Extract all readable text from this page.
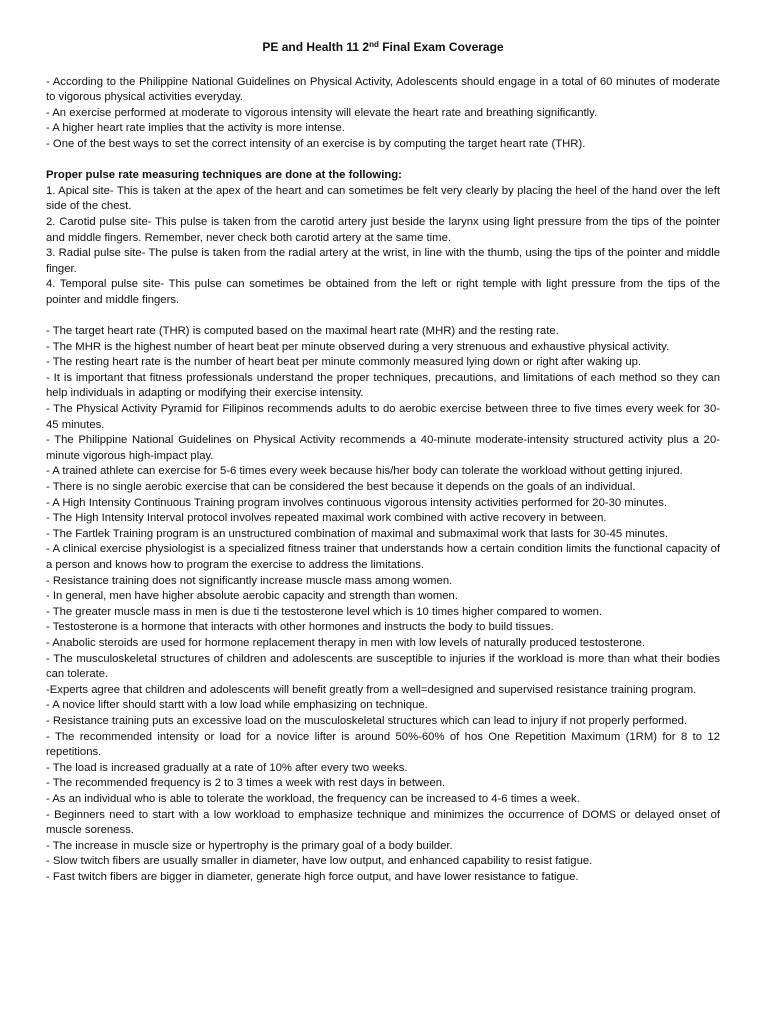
PE and Health 11 2nd Final Exam Coverage

- According to the Philippine National Guidelines on Physical Activity, Adolescents should engage in a total of 60 minutes of moderate to vigorous physical activities everyday.

- An exercise performed at moderate to vigorous intensity will elevate the heart rate and breathing significantly.

- A higher heart rate implies that the activity is more intense.

- One of the best ways to set the correct intensity of an exercise is by computing the target heart rate (THR).

Proper pulse rate measuring techniques are done at the following:

1. Apical site- This is taken at the apex of the heart and can sometimes be felt very clearly by placing the heel of the hand over the left side of the chest.

2. Carotid pulse site- This pulse is taken from the carotid artery just beside the larynx using light pressure from the tips of the pointer and middle fingers. Remember, never check both carotid artery at the same time.

3. Radial pulse site- The pulse is taken from the radial artery at the wrist, in line with the thumb, using the tips of the pointer and middle finger.

4. Temporal pulse site- This pulse can sometimes be obtained from the left or right temple with light pressure from the tips of the pointer and middle fingers.

- The target heart rate (THR) is computed based on the maximal heart rate (MHR) and the resting rate.

- The MHR is the highest number of heart beat per minute observed during a very strenuous and exhaustive physical activity.

- The resting heart rate is the number of heart beat per minute commonly measured lying down or right after waking up.

- It is important that fitness professionals understand the proper techniques, precautions, and limitations of each method so they can help individuals in adapting or modifying their exercise intensity.

- The Physical Activity Pyramid for Filipinos recommends adults to do aerobic exercise between three to five times every week for 30-45 minutes.

- The Philippine National Guidelines on Physical Activity recommends a 40-minute moderate-intensity structured activity plus a 20-minute vigorous high-impact play.

- A trained athlete can exercise for 5-6 times every week because his/her body can tolerate the workload without getting injured.

- There is no single aerobic exercise that can be considered the best because it depends on the goals of an individual.

- A High Intensity Continuous Training program involves continuous vigorous intensity activities performed for 20-30 minutes.

- The High Intensity Interval protocol involves repeated maximal work combined with active recovery in between.

- The Fartlek Training program is an unstructured combination of maximal and submaximal work that lasts for 30-45 minutes.

- A clinical exercise physiologist is a specialized fitness trainer that understands how a certain condition limits the functional capacity of a person and knows how to program the exercise to address the limitations.

- Resistance training does not significantly increase muscle mass among women.

- In general, men have higher absolute aerobic capacity and strength than women.

- The greater muscle mass in men is due ti the testosterone level which is 10 times higher compared to women.

- Testosterone is a hormone that interacts with other hormones and instructs the body to build tissues.

- Anabolic steroids are used for hormone replacement therapy in men with low levels of naturally produced testosterone.

- The musculoskeletal structures of children and adolescents are susceptible to injuries if the workload is more than what their bodies can tolerate.

-Experts agree that children and adolescents will benefit greatly from a well=designed and supervised resistance training program.

- A novice lifter should startt with a low load while emphasizing on technique.

- Resistance training puts an excessive load on the musculoskeletal structures which can lead to injury if not properly performed.

- The recommended intensity or load for a novice lifter is around 50%-60% of hos One Repetition Maximum (1RM) for 8 to 12 repetitions.

- The load is increased gradually at a rate of 10% after every two weeks.

- The recommended frequency is 2 to 3 times a week with rest days in between.

- As an individual who is able to tolerate the workload, the frequency can be increased to 4-6 times a week.

- Beginners need to start with a low workload to emphasize technique and minimizes the occurrence of DOMS or delayed onset of muscle soreness.

- The increase in muscle size or hypertrophy is the primary goal of a body builder.

- Slow twitch fibers are usually smaller in diameter, have low output, and enhanced capability to resist fatigue.

- Fast twitch fibers are bigger in diameter, generate high force output, and have lower resistance to fatigue.
